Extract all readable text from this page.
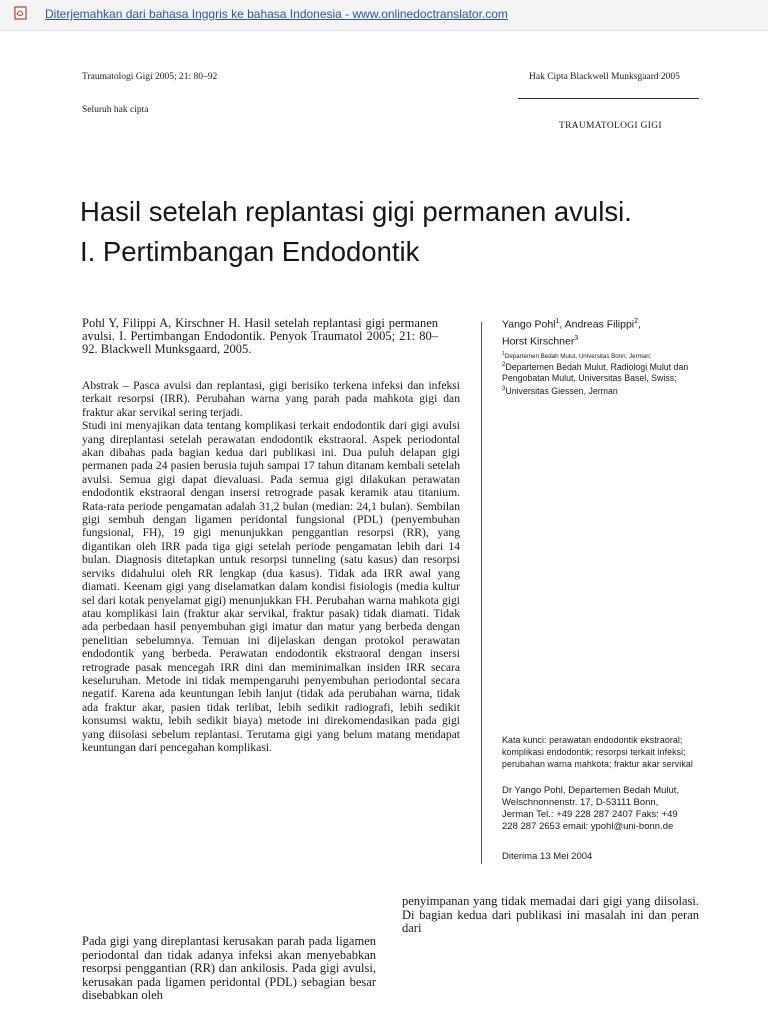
Diterjemahkan dari bahasa Inggris ke bahasa Indonesia - www.onlinedoctranslator.com
Traumatologi Gigi 2005; 21: 80–92
Seluruh hak cipta
Hak Cipta Blackwell Munksgaard 2005
TRAUMATOLOGI GIGI
Hasil setelah replantasi gigi permanen avulsi.
I. Pertimbangan Endodontik
Pohl Y, Filippi A, Kirschner H. Hasil setelah replantasi gigi permanen avulsi. I. Pertimbangan Endodontik. Penyok Traumatol 2005; 21: 80–92. Blackwell Munksgaard, 2005.

Abstrak – Pasca avulsi dan replantasi, gigi berisiko terkena infeksi dan infeksi terkait resorpsi (IRR). Perubahan warna yang parah pada mahkota gigi dan fraktur akar servikal sering terjadi.

Studi ini menyajikan data tentang komplikasi terkait endodontik dari gigi avulsi yang direplantasi setelah perawatan endodontik ekstraoral. Aspek periodontal akan dibahas pada bagian kedua dari publikasi ini. Dua puluh delapan gigi permanen pada 24 pasien berusia tujuh sampai 17 tahun ditanam kembali setelah avulsi. Semua gigi dapat dievaluasi. Pada semua gigi dilakukan perawatan endodontik ekstraoral dengan insersi retrograde pasak keramik atau titanium. Rata-rata periode pengamatan adalah 31,2 bulan (median: 24,1 bulan). Sembilan gigi sembuh dengan ligamen peridontal fungsional (PDL) (penyembuhan fungsional, FH), 19 gigi menunjukkan penggantian resorpsi (RR), yang digantikan oleh IRR pada tiga gigi setelah periode pengamatan lebih dari 14 bulan. Diagnosis ditetapkan untuk resorpsi tunneling (satu kasus) dan resorpsi serviks didahului oleh RR lengkap (dua kasus). Tidak ada IRR awal yang diamati. Keenam gigi yang diselamatkan dalam kondisi fisiologis (media kultur sel dari kotak penyelamat gigi) menunjukkan FH. Perubahan warna mahkota gigi atau komplikasi lain (fraktur akar servikal, fraktur pasak) tidak diamati. Tidak ada perbedaan hasil penyembuhan gigi imatur dan matur yang berbeda dengan penelitian sebelumnya. Temuan ini dijelaskan dengan protokol perawatan endodontik yang berbeda. Perawatan endodontik ekstraoral dengan insersi retrograde pasak mencegah IRR dini dan meminimalkan insiden IRR secara keseluruhan. Metode ini tidak mempengaruhi penyembuhan periodontal secara negatif. Karena ada keuntungan lebih lanjut (tidak ada perubahan warna, tidak ada fraktur akar, pasien tidak terlibat, lebih sedikit radiografi, lebih sedikit konsumsi waktu, lebih sedikit biaya) metode ini direkomendasikan pada gigi yang diisolasi sebelum replantasi. Terutama gigi yang belum matang mendapat keuntungan dari pencegahan komplikasi.

Yango Pohl$^1$, Andreas Filippi$^2$,
Horst Kirschner$^3$
$^1$Departemen Bedah Mulut, Universitas Bonn, Jerman;
$^2$Departemen Bedah Mulut, Radiologi Mulut dan Pengobatan Mulut, Universitas Basel, Swiss; $^3$Universitas Giessen, Jerman
Kata kunci: perawatan endodontik ekstraoral; komplikasi endodontik; resorpsi terkait infeksi; perubahan warna mahkota; fraktur akar servikal
Dr Yango Pohl, Departemen Bedah Mulut, Welschnonnenstr. 17, D-53111 Bonn, Jerman Tel.: +49 228 287 2407 Faks: +49 228 287 2653 email: ypohl@uni-bonn.de
Diterima 13 Mei 2004
penyimpanan yang tidak memadai dari gigi yang diisolasi. Di bagian kedua dari publikasi ini masalah ini dan peran dari
Pada gigi yang direplantasi kerusakan parah pada ligamen periodontal dan tidak adanya infeksi akan menyebabkan resorpsi penggantian (RR) dan ankilosis. Pada gigi avulsi, kerusakan pada ligamen peridontal (PDL) sebagian besar disebabkan oleh
